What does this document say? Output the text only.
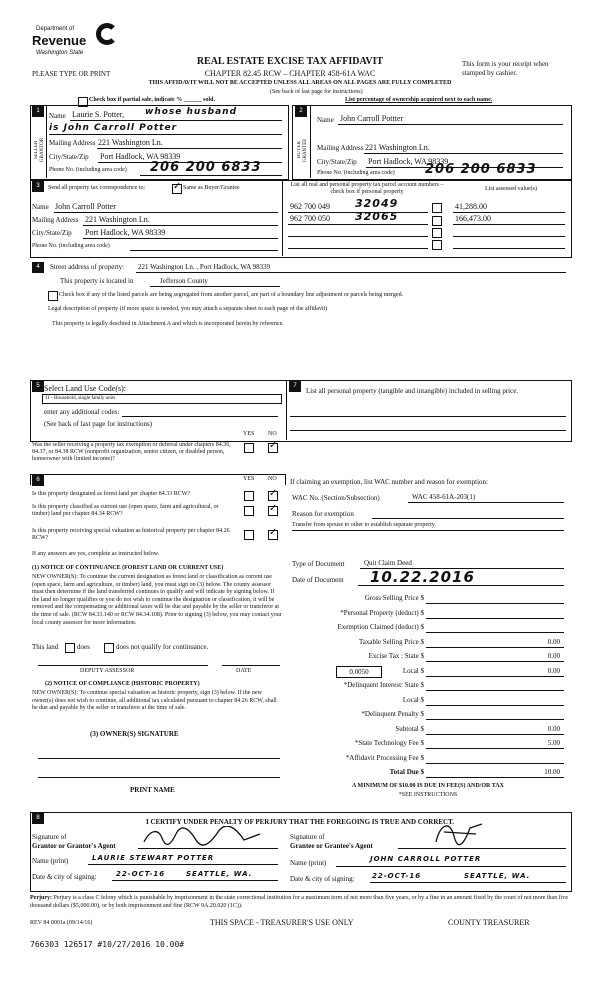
Department of
Revenue
Washington State
PLEASE TYPE OR PRINT
REAL ESTATE EXCISE TAX AFFIDAVIT
CHAPTER 82.45 RCW – CHAPTER 458-61A WAC
THIS AFFIDAVIT WILL NOT BE ACCEPTED UNLESS ALL AREAS ON ALL PAGES ARE FULLY COMPLETED
This form is your receipt when stamped by cashier.
(See back of last page for instructions)
Check box if partial sale, indicate % ______ sold.	List percentage of ownership acquired next to each name.
1
SELLER GRANTOR
Name Laurie S. Potter, whose husband
is John Carroll Potter
Mailing Address 221 Washington Ln.
City/State/Zip Port Hadlock, WA 98339
Phone No. (including area code) 206 200 6833
2
BUYER GRANTEE
Name John Carroll Pottter
Mailing Address 221 Washington Ln.
City/State/Zip Port Hadlock, WA 98339
Phone No. (including area code) 206 200 6833
3	Send all property tax correspondence to:
✓	Same as Buyer/Grantee
Name John Carroll Potter
Mailing Address 221 Washington Ln.
City/State/Zip Port Hadlock, WA 98339
Phone No. (including area code)
List all real and personal property tax parcel account numbers – check box if personal property	List assessed value(s)
962 700 049 32049	41,288.00
962 700 050 32065	166,473.00
4	Street address of property: 221 Washington Ln. , Port Hadlock, WA 98339
This property is located in	Jefferson County
Check box if any of the listed parcels are being segregated from another parcel, are part of a boundary line adjustment or parcels being merged.
Legal description of property (if more space is needed, you may attach a separate sheet to each page of the affidavit)
This property is legally descbied in Attachment A and which is incorporated herein by reference.
5 Select Land Use Code(s):
11 - Household, single family units
enter any additional codes:
(See back of last page for instructions)
YES NO
7
List all personal property (tangible and intangible) included in selling price.
Was the seller receiving a property tax exemption or deferral under chapters 84.36, 84.37, or 84.38 RCW (nonprofit organization, senior citizen, or disabled person, homeowner with limited income)?
✓
6	YES NO
Is this property designated as forest land per chapter 84.33 RCW?
✓
Is this property classified as current use (open space, farm and agricultural, or timber) land per chapter 84.34 RCW?
✓
Is this property receiving special valuation as historical property per chapter 84.26 RCW?
✓
If any answers are yes, complete as instructed below.
(1) NOTICE OF CONTINUANCE (FOREST LAND OR CURRENT USE)
NEW OWNER(S): To continue the current designation as forest land or classification as current use (open space, farm and agriculture, or timber) land, you must sign on (3) below. The county assessor must then determine if the land transferred continues to qualify and will indicate by signing below. If the land no longer qualifies or you do not wish to continue the designation or classification, it will be removed and the compensating or additional taxes will be due and payable by the seller or transferor at the time of sale. (RCW 84.33.140 or RCW 84.34.108). Prior to signing (3) below, you may contact your local county assessor for more information.
This land	does	does not qualify for continuance.
DEPUTY ASSESSOR	DATE
(2) NOTICE OF COMPLIANCE (HISTORIC PROPERTY)
NEW OWNER(S): To continue special valuation as historic property, sign (3) below. If the new owner(s) does not wish to continue, all additional tax calculated pursuant to chapter 84.26 RCW, shall be due and payable by the seller or transferor at the time of sale.
(3) OWNER(S) SIGNATURE
PRINT NAME
If claiming an exemption, list WAC number and reason for exemption:
WAC No. (Section/Subsection)	WAC 458-61A-203(1)
Reason for exemption
Transfer from spouse to other to establish separate property.
Type of Document	Quit Claim Deed
Date of Document 10.22.2016
Gross Selling Price $
*Personal Property (deduct) $
Exemption Claimed (deduct) $
Taxable Selling Price $	0.00
Excise Tax : State $	0.00
Local $	0.00
0.0050
*Delinquent Interest: State $
Local $
*Delinquent Penalty $
Subtotal $	0.00
*State Technology Fee $	5.00
*Affidavit Processing Fee $
Total Due $	10.00
A MINIMUM OF $10.00 IS DUE IN FEE(S) AND/OR TAX
*SEE INSTRUCTIONS
8	I CERTIFY UNDER PENALTY OF PERJURY THAT THE FOREGOING IS TRUE AND CORRECT.
Signature of
Grantor or Grantor's Agent
Name (print)	LAURIE STEWART POTTER
Date & city of signing:	22-OCT-16	SEATTLE, WA.
Signature of
Grantee or Grantee's Agent
Name (print)	JOHN CARROLL POTTER
Date & city of signing: 22-OCT-16	SEATTLE, WA.
Perjury: Perjury is a class C felony which is punishable by imprisonment in the state correctional institution for a maximum term of not more than five years, or by a fine in an amount fixed by the court of not more than five thousand dollars ($5,000.00), or by both imprisonment and fine (RCW 9A.20.020 (1C)).
REV 84 0001a (09/14/16)	THIS SPACE - TREASURER'S USE ONLY	COUNTY TREASURER
766303 126517 #10/27/2016 10.00#
